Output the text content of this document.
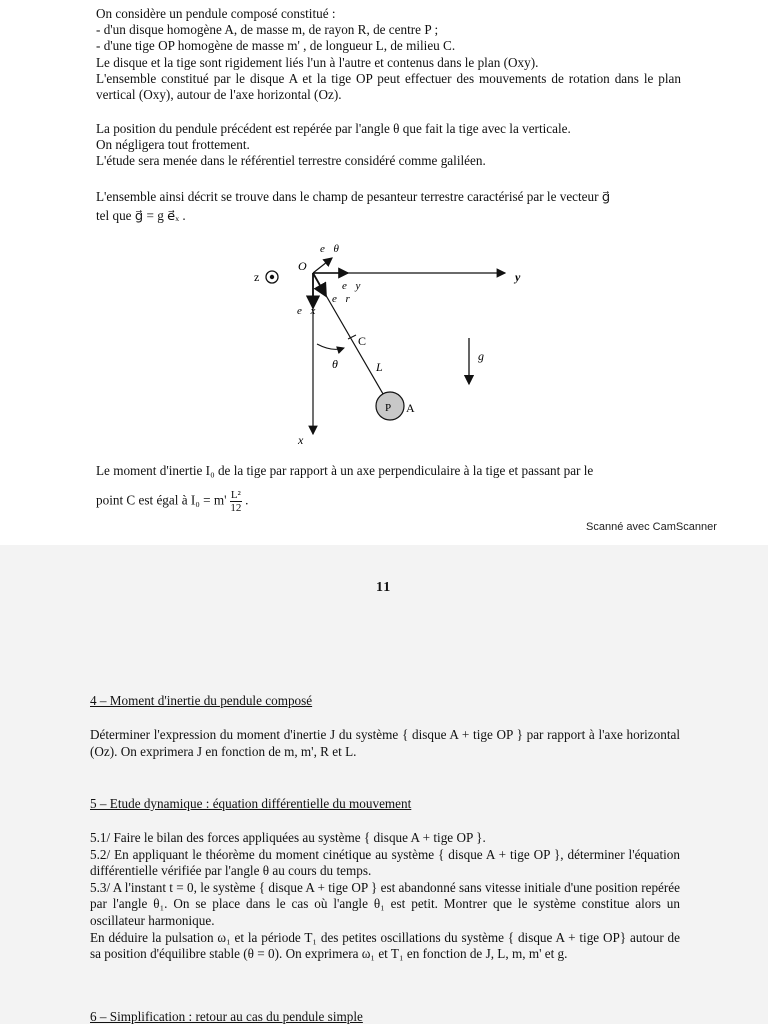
On considère un pendule composé constitué :

- d'un disque homogène A, de masse m, de rayon R, de centre P ;

- d'une tige OP homogène de masse m' , de longueur L, de milieu C.

Le disque et la tige sont rigidement liés l'un à l'autre et contenus dans le plan (Oxy).

L'ensemble constitué par le disque A et la tige OP peut effectuer des mouvements de rotation dans le plan vertical (Oxy), autour de l'axe horizontal (Oz).

La position du pendule précédent est repérée par l'angle θ que fait la tige avec la verticale.

On négligera tout frottement.

L'étude sera menée dans le référentiel terrestre considéré comme galiléen.

L'ensemble ainsi décrit se trouve dans le champ de pesanteur terrestre caractérisé par le vecteur g⃗

tel que g⃗ = g e⃗ₓ .

z
O
y
x
e⃗θ
e⃗y
e⃗x
e⃗r
C
θ	L
P A
g⃗

Le moment d'inertie I₀ de la tige par rapport à un axe perpendiculaire à la tige et passant par le

point C est égal à $I_0 = m' \frac{\text{L²}}{12}$ .

Scanné avec CamScanner
11
4 – Moment d'inertie du pendule composé

Déterminer l'expression du moment d'inertie J du système { disque A + tige OP } par rapport à l'axe horizontal (Oz). On exprimera J en fonction de m, m', R et L.

5 – Etude dynamique : équation différentielle du mouvement

5.1/ Faire le bilan des forces appliquées au système { disque A + tige OP }.

5.2/ En appliquant le théorème du moment cinétique au système { disque A + tige OP }, déterminer l'équation différentielle vérifiée par l'angle θ au cours du temps.

5.3/ A l'instant t = 0, le système { disque A + tige OP } est abandonné sans vitesse initiale d'une position repérée par l'angle θ₁. On se place dans le cas où l'angle θ₁ est petit. Montrer que le système constitue alors un oscillateur harmonique.

En déduire la pulsation ω₁ et la période T₁ des petites oscillations du système { disque A + tige OP} autour de sa position d'équilibre stable (θ = 0). On exprimera ω₁ et T₁ en fonction de J, L, m, m' et g.

6 – Simplification : retour au cas du pendule simple
